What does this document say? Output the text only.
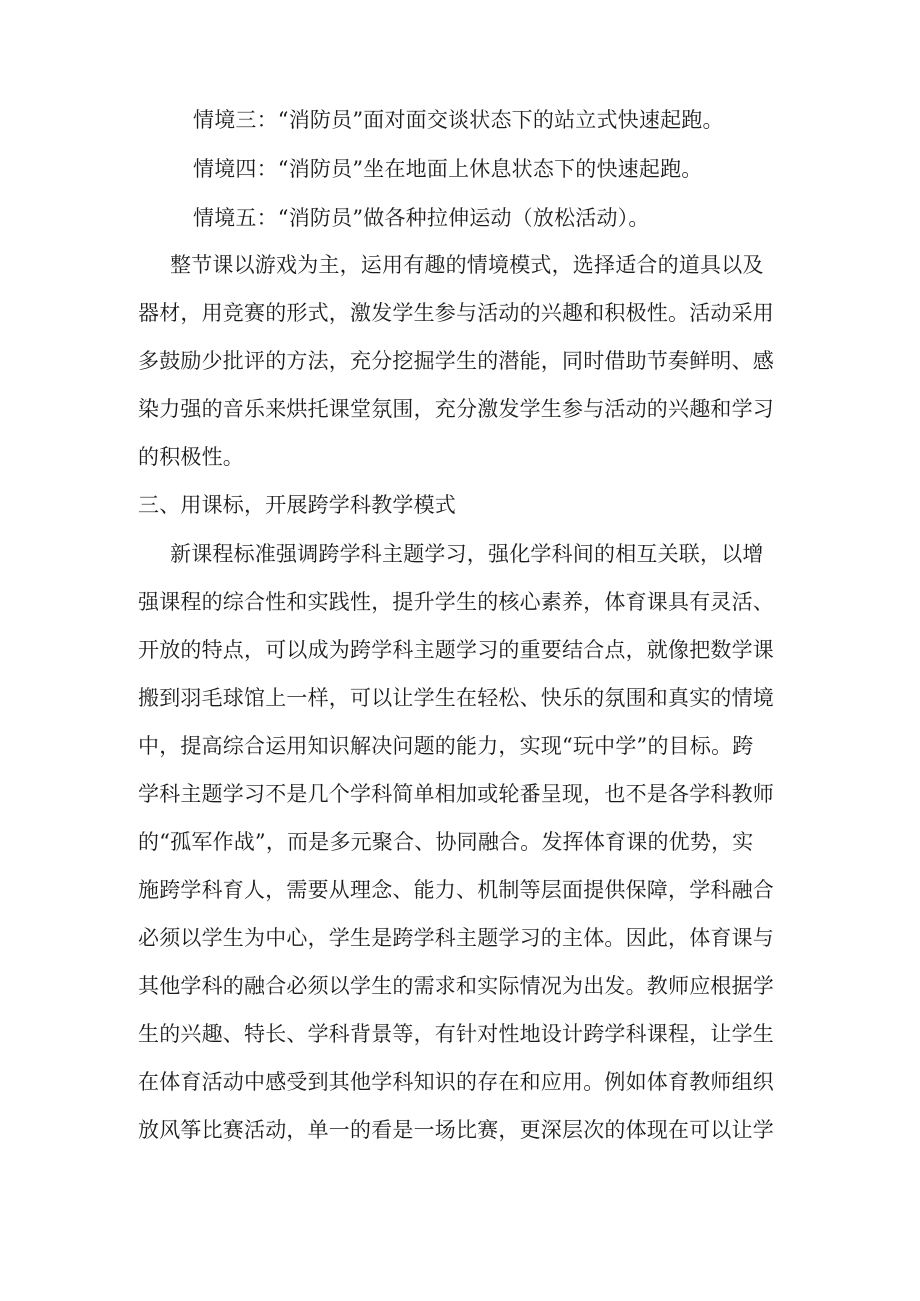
情境三：“消防员”面对面交谈状态下的站立式快速起跑。
情境四：“消防员”坐在地面上休息状态下的快速起跑。
情境五：“消防员”做各种拉伸运动（放松活动）。
整节课以游戏为主，运用有趣的情境模式，选择适合的道具以及
器材，用竞赛的形式，激发学生参与活动的兴趣和积极性。活动采用
多鼓励少批评的方法，充分挖掘学生的潜能，同时借助节奏鲜明、感
染力强的音乐来烘托课堂氛围，充分激发学生参与活动的兴趣和学习
的积极性。
三、用课标，开展跨学科教学模式
新课程标准强调跨学科主题学习，强化学科间的相互关联，以增
强课程的综合性和实践性，提升学生的核心素养，体育课具有灵活、
开放的特点，可以成为跨学科主题学习的重要结合点，就像把数学课
搬到羽毛球馆上一样，可以让学生在轻松、快乐的氛围和真实的情境
中，提高综合运用知识解决问题的能力，实现“玩中学”的目标。跨
学科主题学习不是几个学科简单相加或轮番呈现，也不是各学科教师
的“孤军作战”，而是多元聚合、协同融合。发挥体育课的优势，实
施跨学科育人，需要从理念、能力、机制等层面提供保障，学科融合
必须以学生为中心，学生是跨学科主题学习的主体。因此，体育课与
其他学科的融合必须以学生的需求和实际情况为出发。教师应根据学
生的兴趣、特长、学科背景等，有针对性地设计跨学科课程，让学生
在体育活动中感受到其他学科知识的存在和应用。例如体育教师组织
放风筝比赛活动，单一的看是一场比赛，更深层次的体现在可以让学
